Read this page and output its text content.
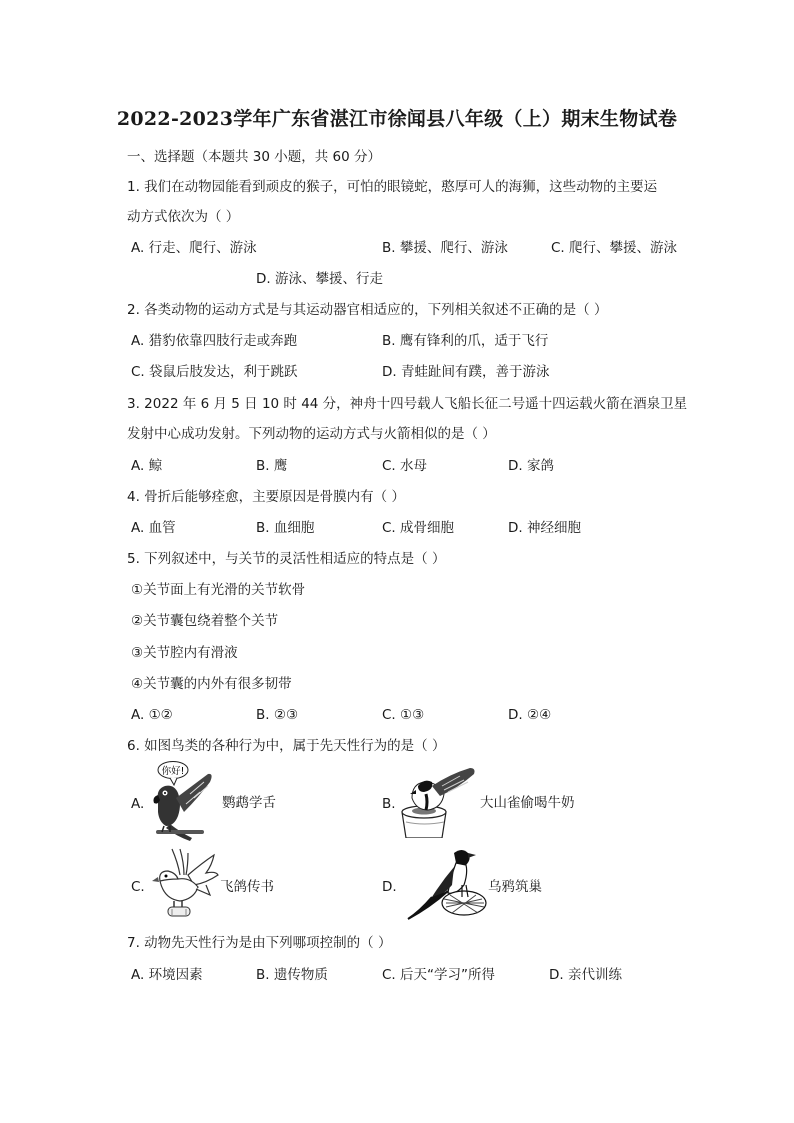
2022-2023学年广东省湛江市徐闻县八年级（上）期末生物试卷
一、选择题（本题共 30 小题，共 60 分）
1. 我们在动物园能看到顽皮的猴子，可怕的眼镜蛇，憨厚可人的海狮，这些动物的主要运
动方式依次为（ ）
A. 行走、爬行、游泳	B. 攀援、爬行、游泳	C. 爬行、攀援、游泳
D. 游泳、攀援、行走
2. 各类动物的运动方式是与其运动器官相适应的，下列相关叙述不正确的是（ ）
A. 猎豹依靠四肢行走或奔跑	B. 鹰有锋利的爪，适于飞行
C. 袋鼠后肢发达，利于跳跃	D. 青蛙趾间有蹼，善于游泳
3. 2022 年 6 月 5 日 10 时 44 分，神舟十四号载人飞船长征二号遥十四运载火箭在酒泉卫星
发射中心成功发射。下列动物的运动方式与火箭相似的是（ ）
A. 鲸	B. 鹰	C. 水母	D. 家鸽
4. 骨折后能够痊愈，主要原因是骨膜内有（ ）
A. 血管	B. 血细胞	C. 成骨细胞	D. 神经细胞
5. 下列叙述中，与关节的灵活性相适应的特点是（ ）
①关节面上有光滑的关节软骨
②关节囊包绕着整个关节
③关节腔内有滑液
④关节囊的内外有很多韧带
A. ①②	B. ②③	C. ①③	D. ②④
6. 如图鸟类的各种行为中，属于先天性行为的是（ ）
A.
你好!
鹦鹉学舌	B.	大山雀偷喝牛奶
C.	飞鸽传书	D.	乌鸦筑巢
7. 动物先天性行为是由下列哪项控制的（ ）
A. 环境因素	B. 遗传物质	C. 后天“学习”所得	D. 亲代训练
